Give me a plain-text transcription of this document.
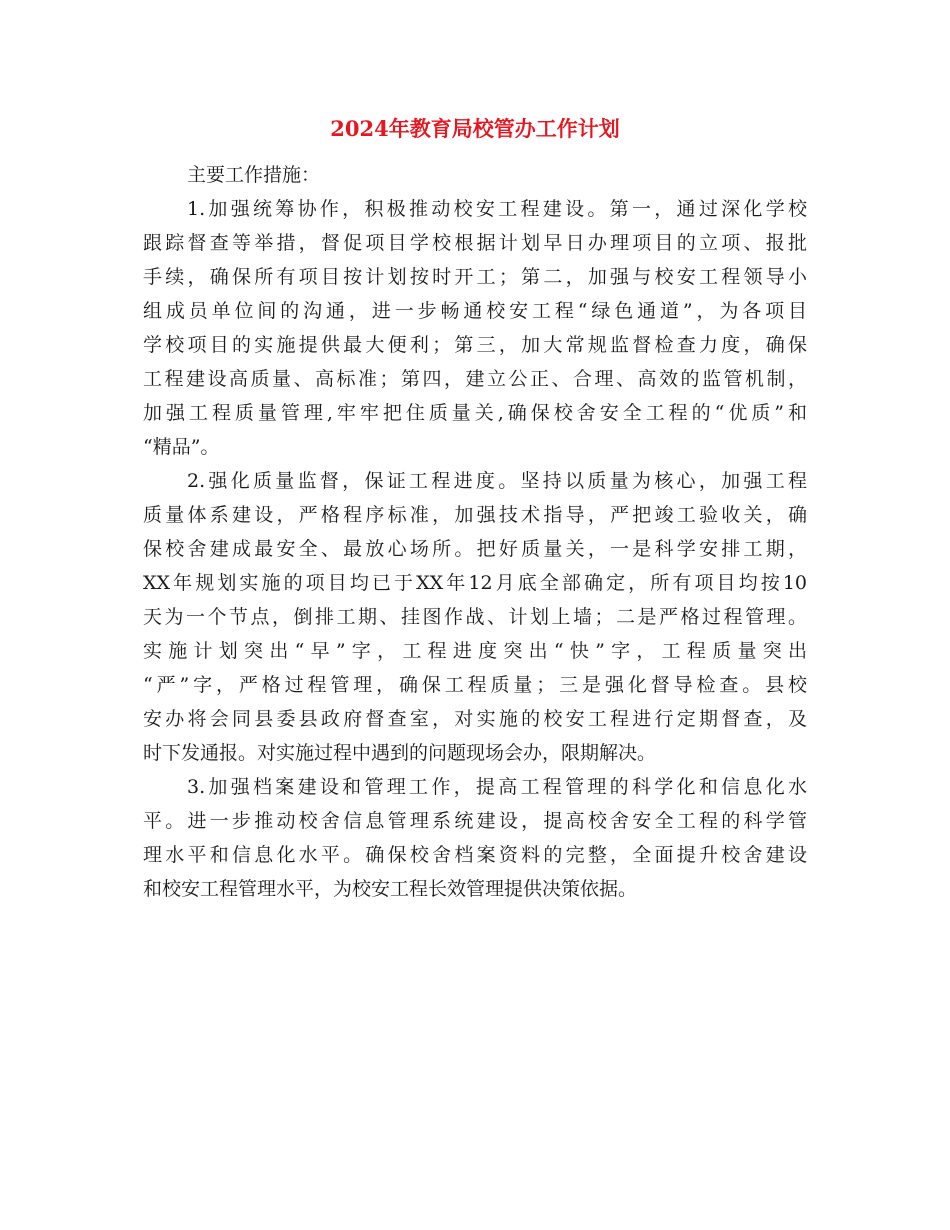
2024年教育局校管办工作计划
主要工作措施：
1.加强统筹协作，积极推动校安工程建设。第一，通过深化学校
跟踪督查等举措，督促项目学校根据计划早日办理项目的立项、报批
手续，确保所有项目按计划按时开工；第二，加强与校安工程领导小
组成员单位间的沟通，进一步畅通校安工程“绿色通道”，为各项目
学校项目的实施提供最大便利；第三，加大常规监督检查力度，确保
工程建设高质量、高标准；第四，建立公正、合理、高效的监管机制，
加强工程质量管理,牢牢把住质量关,确保校舍安全工程的“优质”和
“精品”。
2.强化质量监督，保证工程进度。坚持以质量为核心，加强工程
质量体系建设，严格程序标准，加强技术指导，严把竣工验收关，确
保校舍建成最安全、最放心场所。把好质量关，一是科学安排工期，
XX年规划实施的项目均已于XX年12月底全部确定，所有项目均按10
天为一个节点，倒排工期、挂图作战、计划上墙；二是严格过程管理。
实施计划突出“早”字，工程进度突出“快”字，工程质量突出
“严”字，严格过程管理，确保工程质量；三是强化督导检查。县校
安办将会同县委县政府督查室，对实施的校安工程进行定期督查，及
时下发通报。对实施过程中遇到的问题现场会办，限期解决。
3.加强档案建设和管理工作，提高工程管理的科学化和信息化水
平。进一步推动校舍信息管理系统建设，提高校舍安全工程的科学管
理水平和信息化水平。确保校舍档案资料的完整，全面提升校舍建设
和校安工程管理水平，为校安工程长效管理提供决策依据。
